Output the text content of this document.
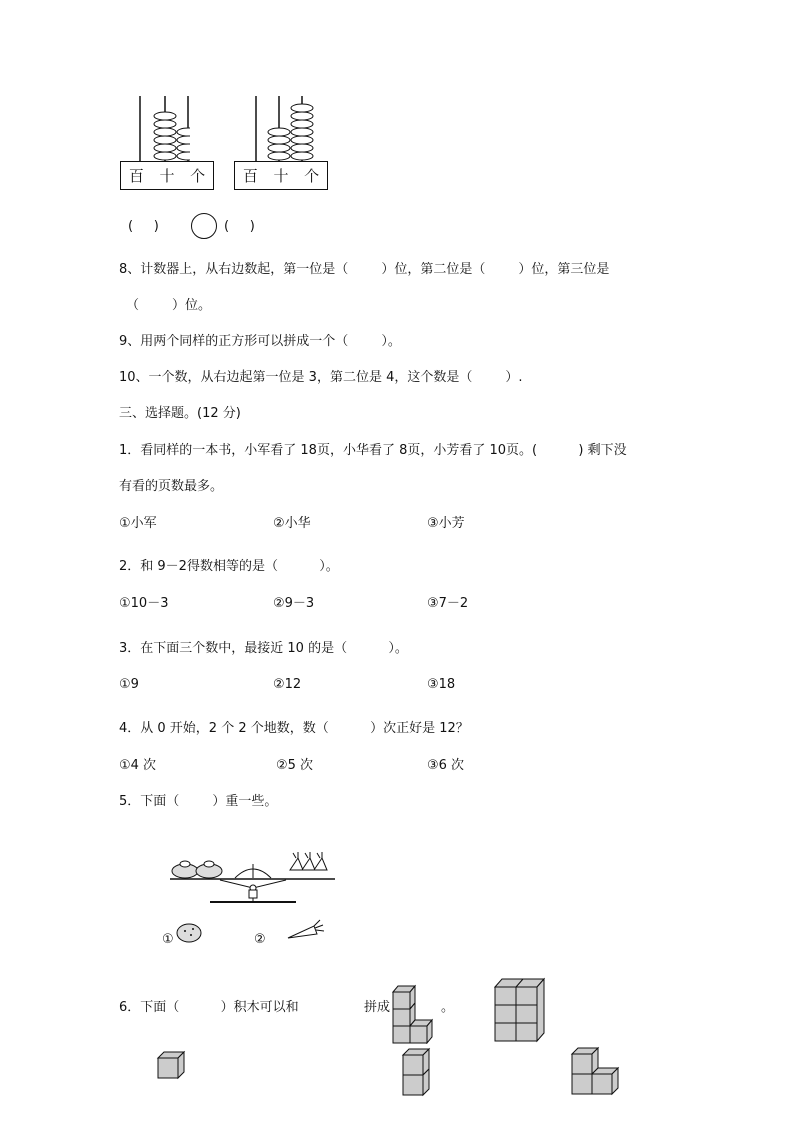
百 十 个	百 十 个
(     )	(     )
8、计数器上，从右边数起，第一位是（        ）位，第二位是（        ）位，第三位是
（        ）位。
9、用两个同样的正方形可以拼成一个（        ）。
10、一个数，从右边起第一位是 3，第二位是 4，这个数是（        ）.
三、选择题。(12 分)
1．看同样的一本书，小军看了 18页，小华看了 8页，小芳看了 10页。(          ) 剩下没
有看的页数最多。
①小军	②小华	③小芳
2．和 9－2得数相等的是（          ）。
①10－3	②9－3	③7－2
3．在下面三个数中，最接近 10 的是（          ）。
①9	②12	③18
4．从 0 开始，2 个 2 个地数，数（          ）次正好是 12？
①4 次	②5 次	③6 次
5．下面（        ）重一些。
①	②
6．下面（          ）积木可以和	拼成	。
